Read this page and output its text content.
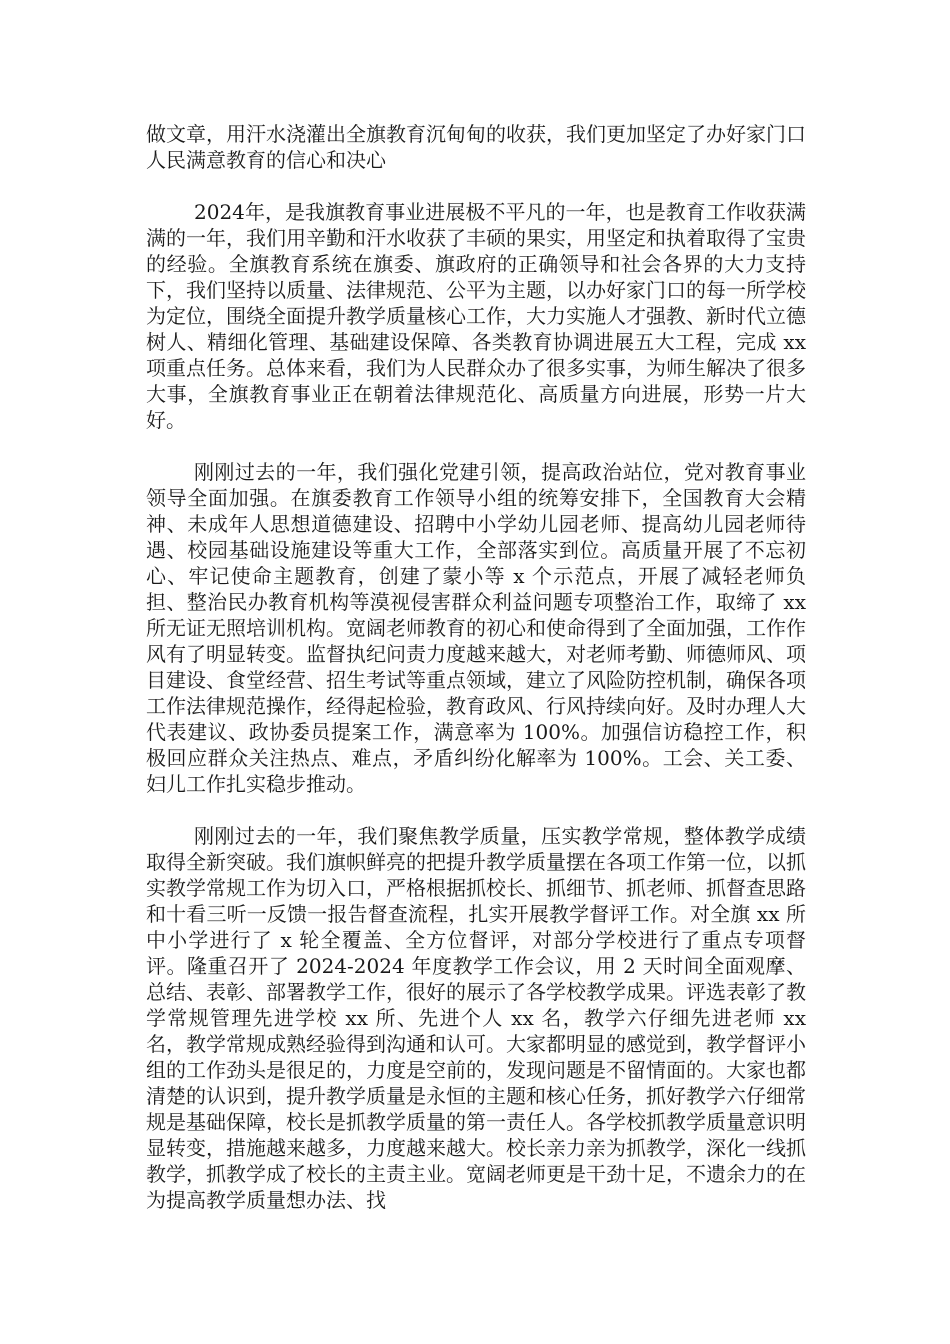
做文章，用汗水浇灌出全旗教育沉甸甸的收获，我们更加坚定了办好家门口人民满意教育的信心和决心

2024年，是我旗教育事业进展极不平凡的一年，也是教育工作收获满满的一年，我们用辛勤和汗水收获了丰硕的果实，用坚定和执着取得了宝贵的经验。全旗教育系统在旗委、旗政府的正确领导和社会各界的大力支持下，我们坚持以质量、法律规范、公平为主题，以办好家门口的每一所学校为定位，围绕全面提升教学质量核心工作，大力实施人才强教、新时代立德树人、精细化管理、基础建设保障、各类教育协调进展五大工程，完成 xx 项重点任务。总体来看，我们为人民群众办了很多实事，为师生解决了很多大事，全旗教育事业正在朝着法律规范化、高质量方向进展，形势一片大好。

刚刚过去的一年，我们强化党建引领，提高政治站位，党对教育事业领导全面加强。在旗委教育工作领导小组的统筹安排下，全国教育大会精神、未成年人思想道德建设、招聘中小学幼儿园老师、提高幼儿园老师待遇、校园基础设施建设等重大工作，全部落实到位。高质量开展了不忘初心、牢记使命主题教育，创建了蒙小等 x 个示范点，开展了减轻老师负担、整治民办教育机构等漠视侵害群众利益问题专项整治工作，取缔了 xx 所无证无照培训机构。宽阔老师教育的初心和使命得到了全面加强，工作作风有了明显转变。监督执纪问责力度越来越大，对老师考勤、师德师风、项目建设、食堂经营、招生考试等重点领域，建立了风险防控机制，确保各项工作法律规范操作，经得起检验，教育政风、行风持续向好。及时办理人大代表建议、政协委员提案工作，满意率为 100%。加强信访稳控工作，积极回应群众关注热点、难点，矛盾纠纷化解率为 100%。工会、关工委、妇儿工作扎实稳步推动。

刚刚过去的一年，我们聚焦教学质量，压实教学常规，整体教学成绩取得全新突破。我们旗帜鲜亮的把提升教学质量摆在各项工作第一位，以抓实教学常规工作为切入口，严格根据抓校长、抓细节、抓老师、抓督查思路和十看三听一反馈一报告督查流程，扎实开展教学督评工作。对全旗 xx 所中小学进行了 x 轮全覆盖、全方位督评，对部分学校进行了重点专项督评。隆重召开了 2024-2024 年度教学工作会议，用 2 天时间全面观摩、总结、表彰、部署教学工作，很好的展示了各学校教学成果。评选表彰了教学常规管理先进学校 xx 所、先进个人 xx 名，教学六仔细先进老师 xx 名，教学常规成熟经验得到沟通和认可。大家都明显的感觉到，教学督评小组的工作劲头是很足的，力度是空前的，发现问题是不留情面的。大家也都清楚的认识到，提升教学质量是永恒的主题和核心任务，抓好教学六仔细常规是基础保障，校长是抓教学质量的第一责任人。各学校抓教学质量意识明显转变，措施越来越多，力度越来越大。校长亲力亲为抓教学，深化一线抓教学，抓教学成了校长的主责主业。宽阔老师更是干劲十足，不遗余力的在为提高教学质量想办法、找
